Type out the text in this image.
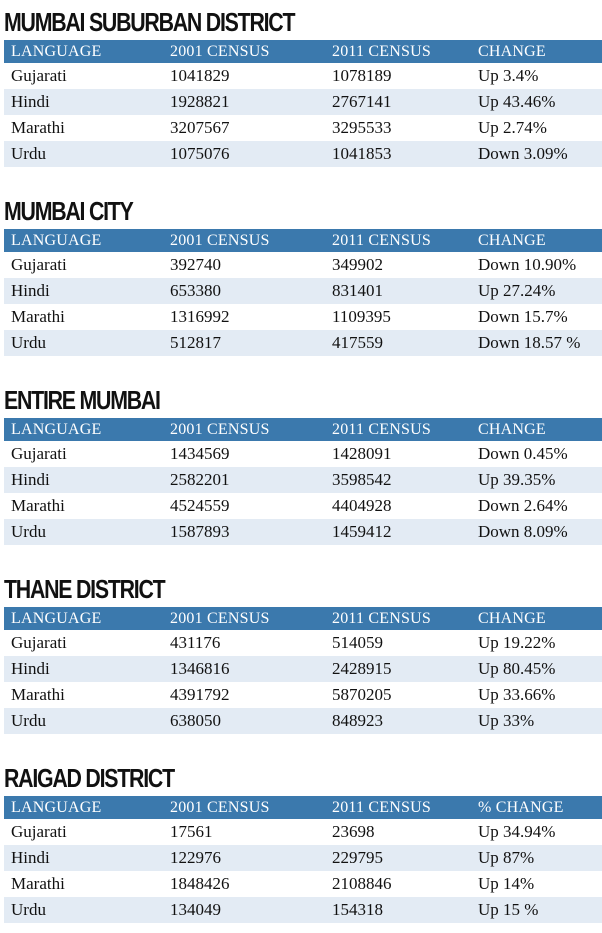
MUMBAI SUBURBAN DISTRICT
LANGUAGE	2001 CENSUS	2011 CENSUS	CHANGE
Gujarati	1041829	1078189	Up 3.4%
Hindi	1928821	2767141	Up 43.46%
Marathi	3207567	3295533	Up 2.74%
Urdu	1075076	1041853	Down 3.09%
MUMBAI CITY
LANGUAGE	2001 CENSUS	2011 CENSUS	CHANGE
Gujarati	392740	349902	Down 10.90%
Hindi	653380	831401	Up 27.24%
Marathi	1316992	1109395	Down 15.7%
Urdu	512817	417559	Down 18.57 %
ENTIRE MUMBAI
LANGUAGE	2001 CENSUS	2011 CENSUS	CHANGE
Gujarati	1434569	1428091	Down 0.45%
Hindi	2582201	3598542	Up 39.35%
Marathi	4524559	4404928	Down 2.64%
Urdu	1587893	1459412	Down 8.09%
THANE DISTRICT
LANGUAGE	2001 CENSUS	2011 CENSUS	CHANGE
Gujarati	431176	514059	Up 19.22%
Hindi	1346816	2428915	Up 80.45%
Marathi	4391792	5870205	Up 33.66%
Urdu	638050	848923	Up 33%
RAIGAD DISTRICT
LANGUAGE	2001 CENSUS	2011 CENSUS	% CHANGE
Gujarati	17561	23698	Up 34.94%
Hindi	122976	229795	Up 87%
Marathi	1848426	2108846	Up 14%
Urdu	134049	154318	Up 15 %
